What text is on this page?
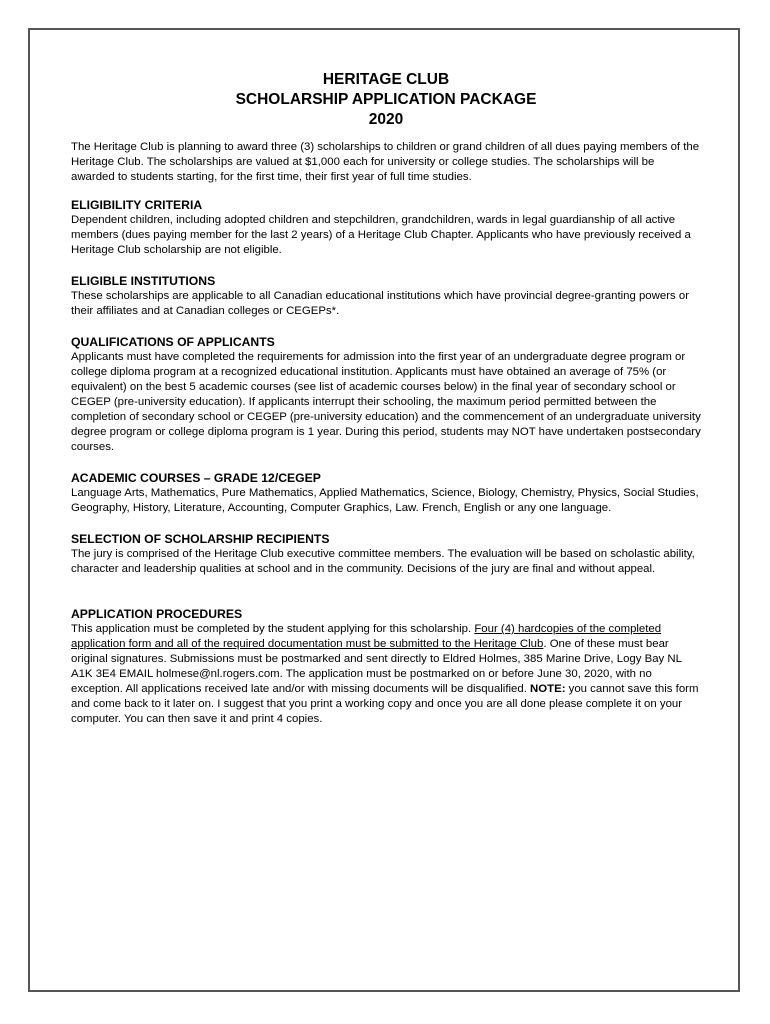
HERITAGE CLUB
SCHOLARSHIP APPLICATION PACKAGE
2020

The Heritage Club is planning to award three (3) scholarships to children or grand children of all dues paying members of the Heritage Club. The scholarships are valued at $1,000 each for university or college studies. The scholarships will be awarded to students starting, for the first time, their first year of full time studies.

ELIGIBILITY CRITERIA

Dependent children, including adopted children and stepchildren, grandchildren, wards in legal guardianship of all active members (dues paying member for the last 2 years) of a Heritage Club Chapter. Applicants who have previously received a Heritage Club scholarship are not eligible.

ELIGIBLE INSTITUTIONS

These scholarships are applicable to all Canadian educational institutions which have provincial degree-granting powers or their affiliates and at Canadian colleges or CEGEPs*.

QUALIFICATIONS OF APPLICANTS

Applicants must have completed the requirements for admission into the first year of an undergraduate degree program or college diploma program at a recognized educational institution. Applicants must have obtained an average of 75% (or equivalent) on the best 5 academic courses (see list of academic courses below) in the final year of secondary school or CEGEP (pre-university education). If applicants interrupt their schooling, the maximum period permitted between the completion of secondary school or CEGEP (pre-university education) and the commencement of an undergraduate university degree program or college diploma program is 1 year. During this period, students may NOT have undertaken postsecondary courses.

ACADEMIC COURSES – GRADE 12/CEGEP

Language Arts, Mathematics, Pure Mathematics, Applied Mathematics, Science, Biology, Chemistry, Physics, Social Studies, Geography, History, Literature, Accounting, Computer Graphics, Law. French, English or any one language.

SELECTION OF SCHOLARSHIP RECIPIENTS

The jury is comprised of the Heritage Club executive committee members. The evaluation will be based on scholastic ability, character and leadership qualities at school and in the community. Decisions of the jury are final and without appeal.

APPLICATION PROCEDURES

This application must be completed by the student applying for this scholarship. Four (4) hardcopies of the completed application form and all of the required documentation must be submitted to the Heritage Club. One of these must bear original signatures. Submissions must be postmarked and sent directly to Eldred Holmes, 385 Marine Drive, Logy Bay NL A1K 3E4 EMAIL holmese@nl.rogers.com. The application must be postmarked on or before June 30, 2020, with no exception. All applications received late and/or with missing documents will be disqualified. NOTE: you cannot save this form and come back to it later on. I suggest that you print a working copy and once you are all done please complete it on your computer. You can then save it and print 4 copies.
